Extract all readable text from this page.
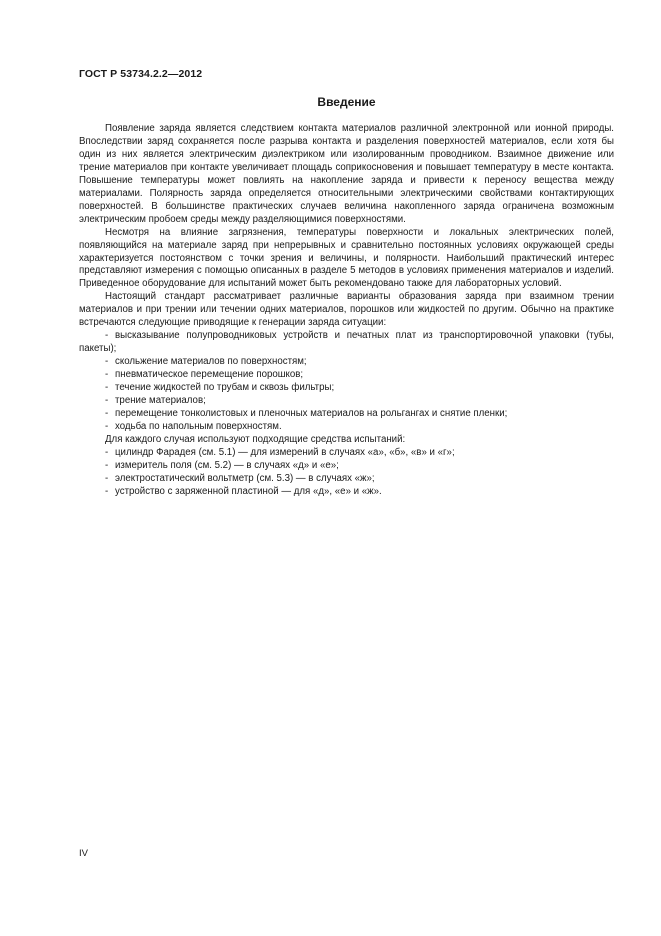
ГОСТ Р 53734.2.2—2012
Введение

Появление заряда является следствием контакта материалов различной электронной или ионной природы. Впоследствии заряд сохраняется после разрыва контакта и разделения поверхностей материалов, если хотя бы один из них является электрическим диэлектриком или изолированным проводником. Взаимное движение или трение материалов при контакте увеличивает площадь соприкосновения и повышает температуру в месте контакта. Повышение температуры может повлиять на накопление заряда и привести к переносу вещества между материалами. Полярность заряда определяется относительными электрическими свойствами контактирующих поверхностей. В большинстве практических случаев величина накопленного заряда ограничена возможным электрическим пробоем среды между разделяющимися поверхностями.

Несмотря на влияние загрязнения, температуры поверхности и локальных электрических полей, появляющийся на материале заряд при непрерывных и сравнительно постоянных условиях окружающей среды характеризуется постоянством с точки зрения и величины, и полярности. Наибольший практический интерес представляют измерения с помощью описанных в разделе 5 методов в условиях применения материалов и изделий. Приведенное оборудование для испытаний может быть рекомендовано также для лабораторных условий.

Настоящий стандарт рассматривает различные варианты образования заряда при взаимном трении материалов и при трении или течении одних материалов, порошков или жидкостей по другим. Обычно на практике встречаются следующие приводящие к генерации заряда ситуации:

- высказывание полупроводниковых устройств и печатных плат из транспортировочной упаковки (тубы, пакеты);
- скольжение материалов по поверхностям;
- пневматическое перемещение порошков;
- течение жидкостей по трубам и сквозь фильтры;
- трение материалов;
- перемещение тонколистовых и пленочных материалов на рольгангах и снятие пленки;
- ходьба по напольным поверхностям.

Для каждого случая используют подходящие средства испытаний:

- цилиндр Фарадея (см. 5.1) — для измерений в случаях «а», «б», «в» и «г»;
- измеритель поля (см. 5.2) — в случаях «д» и «е»;
- электростатический вольтметр (см. 5.3) — в случаях «ж»;
- устройство с заряженной пластиной — для «д», «е» и «ж».
IV
